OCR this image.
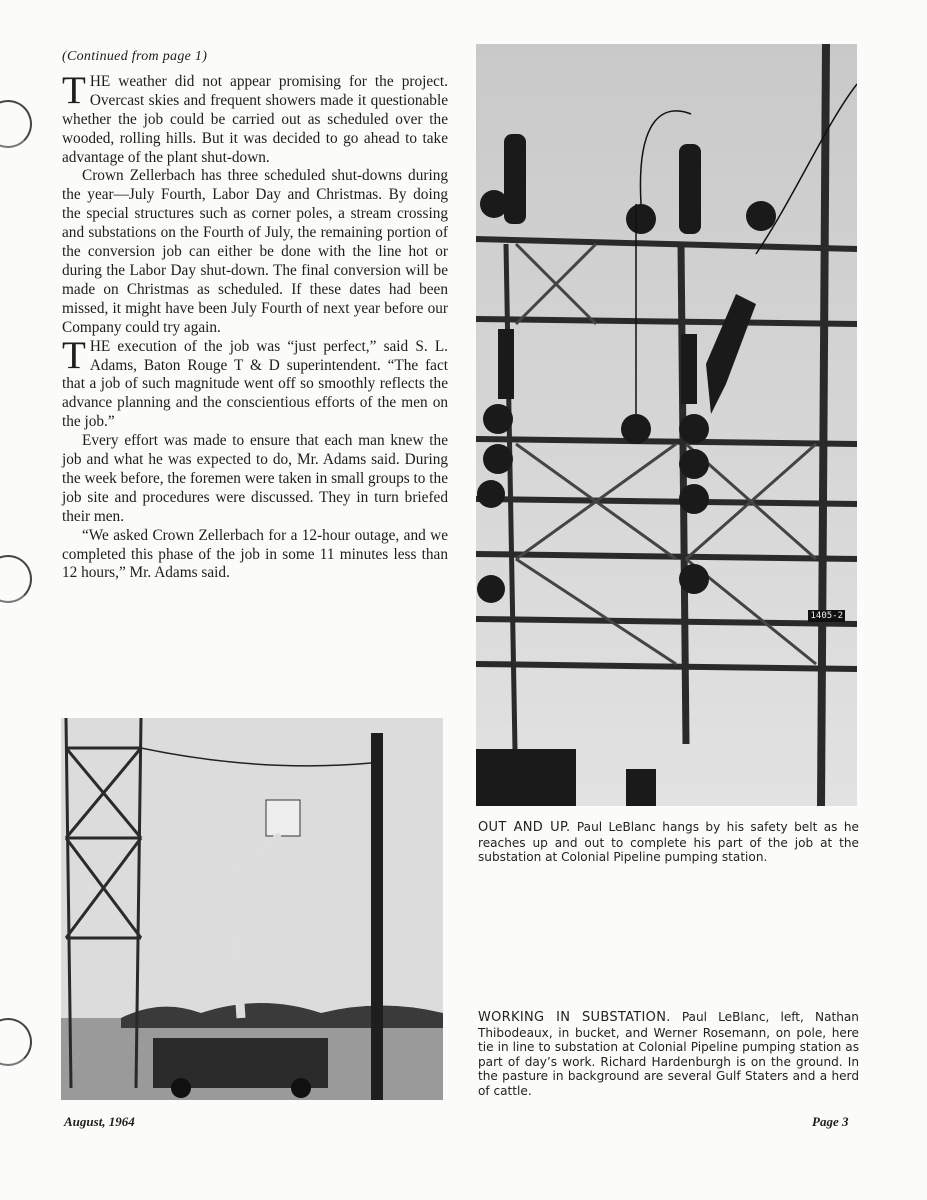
(Continued from page 1)

THE weather did not appear promising for the project. Overcast skies and frequent showers made it questionable whether the job could be carried out as scheduled over the wooded, rolling hills. But it was decided to go ahead to take advantage of the plant shut-down.

Crown Zellerbach has three scheduled shut-downs during the year—July Fourth, Labor Day and Christmas. By doing the special structures such as corner poles, a stream crossing and substations on the Fourth of July, the remaining portion of the conversion job can either be done with the line hot or during the Labor Day shut-down. The final conversion will be made on Christmas as scheduled. If these dates had been missed, it might have been July Fourth of next year before our Company could try again.

THE execution of the job was “just perfect,” said S. L. Adams, Baton Rouge T & D superintendent. “The fact that a job of such magnitude went off so smoothly reflects the advance planning and the conscientious efforts of the men on the job.”

Every effort was made to ensure that each man knew the job and what he was expected to do, Mr. Adams said. During the week before, the foremen were taken in small groups to the job site and procedures were discussed. They in turn briefed their men.

“We asked Crown Zellerbach for a 12-hour outage, and we completed this phase of the job in some 11 minutes less than 12 hours,” Mr. Adams said.

1405-2
OUT AND UP. Paul LeBlanc hangs by his safety belt as he reaches up and out to complete his part of the job at the substation at Colonial Pipeline pumping station.
WORKING IN SUBSTATION. Paul LeBlanc, left, Nathan Thibodeaux, in bucket, and Werner Rosemann, on pole, here tie in line to substation at Colonial Pipeline pumping station as part of day’s work. Richard Hardenburgh is on the ground. In the pasture in background are several Gulf Staters and a herd of cattle.
August, 1964	Page 3
